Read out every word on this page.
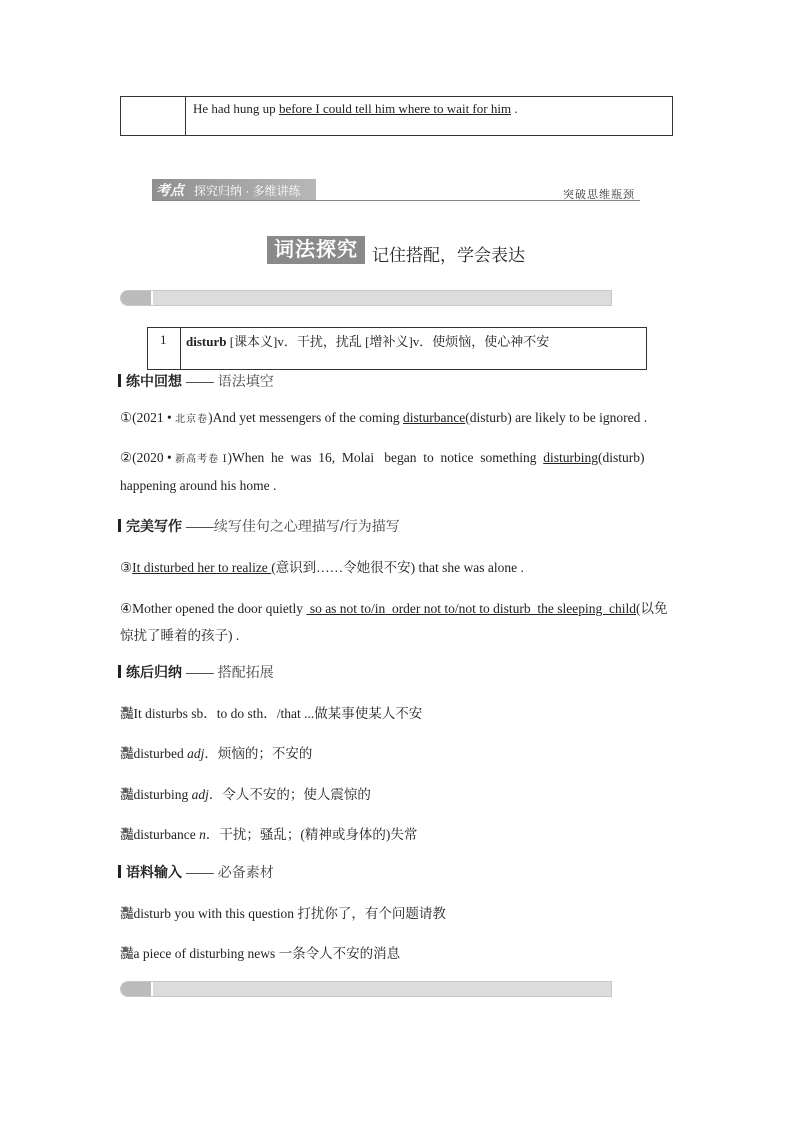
He had hung up before I could tell him where to wait for him .
考点 探究归纳 · 多维讲练	突破思维瓶颈
词法探究 记住搭配，学会表达
1 disturb [课本义]v．干扰，扰乱 [增补义]v．使烦恼，使心神不安
练中回想 —— 语法填空
①(2021 • 北京卷)And yet messengers of the coming disturbance(disturb) are likely to be ignored .
②(2020 • 新高考卷 Ⅰ)When  he  was  16,  Molai   began  to  notice  something  disturbing(disturb)
happening around his home .
完美写作 ——续写佳句之心理描写/行为描写
③It disturbed her to realize (意识到……令她很不安) that she was alone .
④Mother opened the door quietly  so as not to/in  order not to/not to disturb  the sleeping  child(以免
惊扰了睡着的孩子) .
练后归纳 —— 搭配拓展
灩It disturbs sb．to do sth．/that ...做某事使某人不安
灩disturbed adj．烦恼的；不安的
灩disturbing adj．令人不安的；使人震惊的
灩disturbance n．干扰；骚乱；(精神或身体的)失常
语料输入 —— 必备素材
灩disturb you with this question 打扰你了，有个问题请教
灩a piece of disturbing news 一条令人不安的消息
